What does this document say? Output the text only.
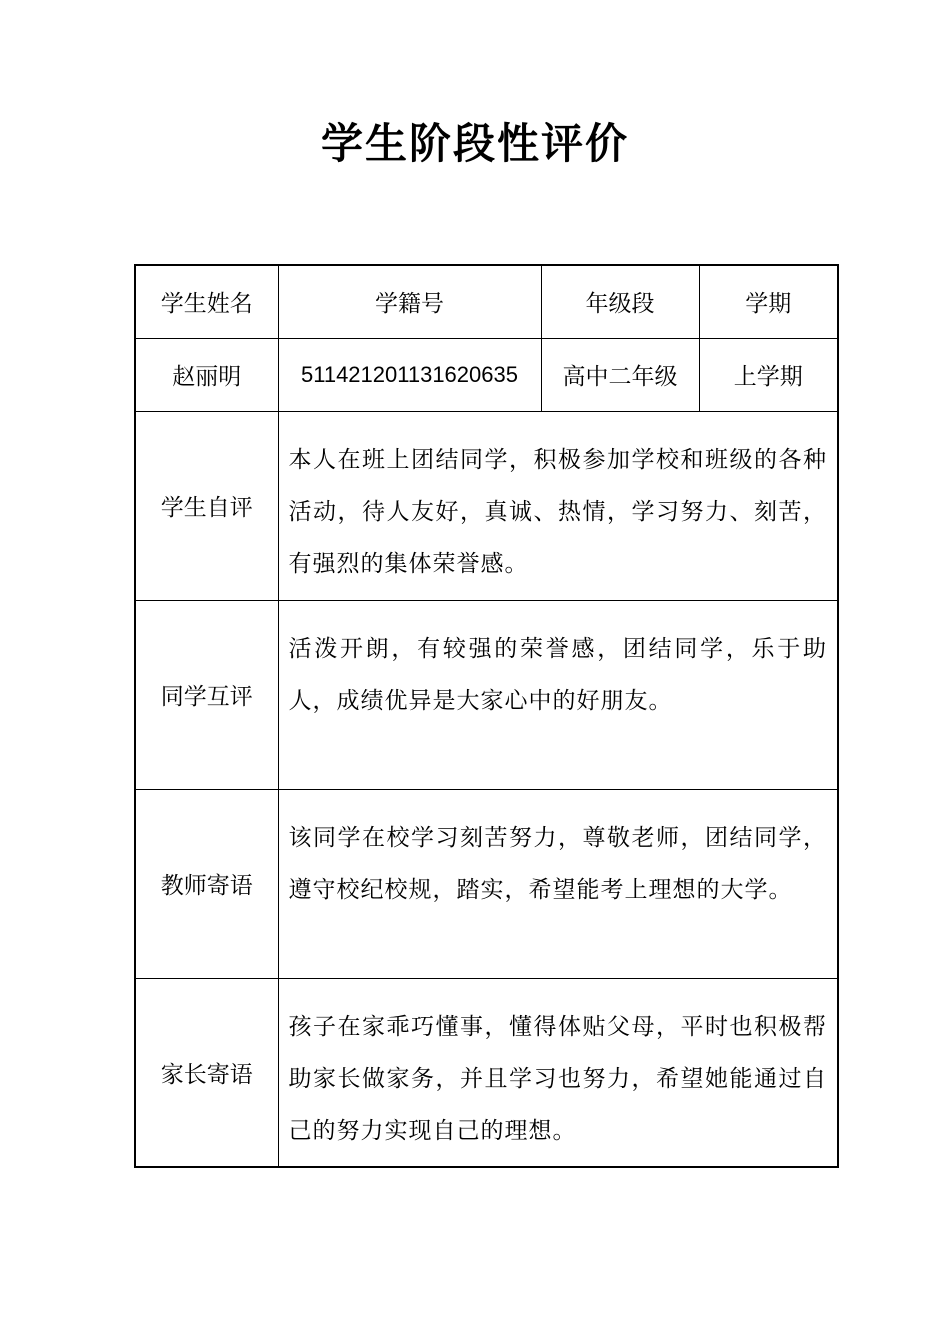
学生阶段性评价
学生姓名	学籍号	年级段	学期
赵丽明	511421201131620635	高中二年级	上学期
学生自评	本人在班上团结同学，积极参加学校和班级的各种活动，待人友好，真诚、热情，学习努力、刻苦，有强烈的集体荣誉感。		
同学互评	活泼开朗，有较强的荣誉感，团结同学，乐于助人，成绩优异是大家心中的好朋友。		
教师寄语	该同学在校学习刻苦努力，尊敬老师，团结同学，遵守校纪校规，踏实，希望能考上理想的大学。		
家长寄语	孩子在家乖巧懂事，懂得体贴父母，平时也积极帮助家长做家务，并且学习也努力，希望她能通过自己的努力实现自己的理想。		
